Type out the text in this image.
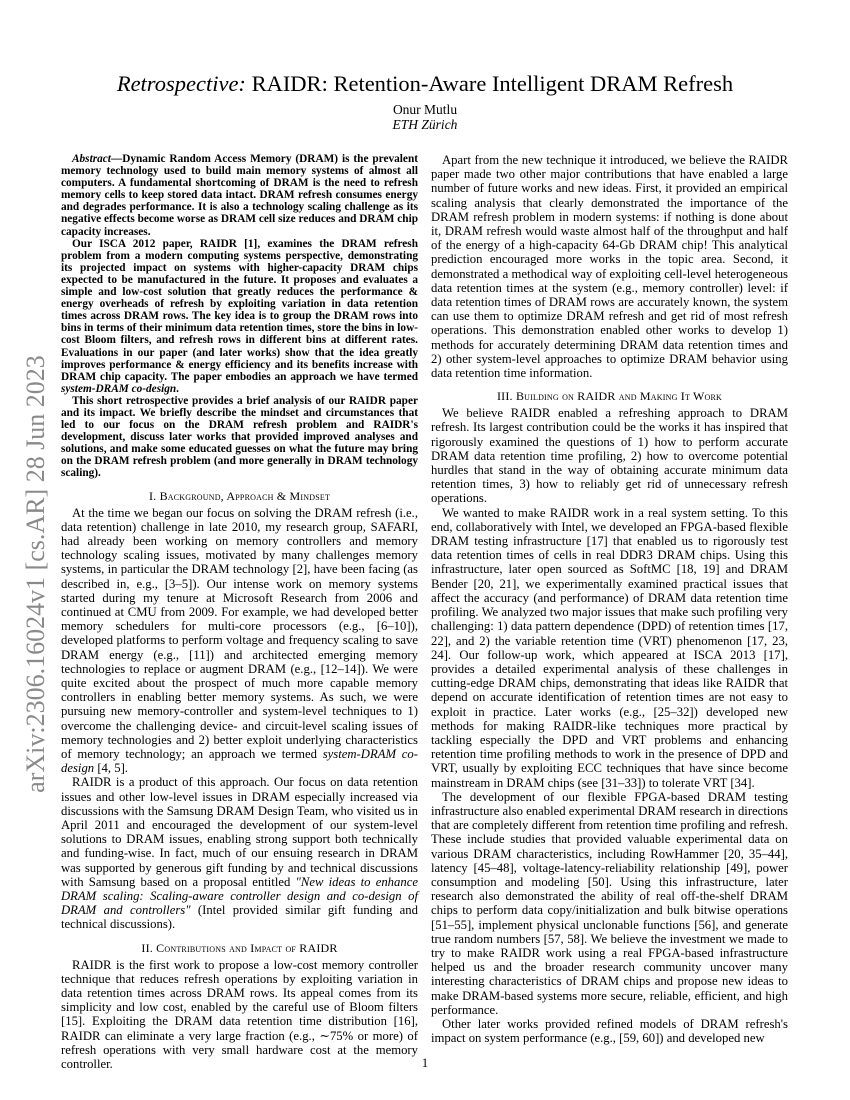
arXiv:2306.16024v1 [cs.AR] 28 Jun 2023
Retrospective: RAIDR: Retention-Aware Intelligent DRAM Refresh
Onur Mutlu
ETH Zürich

Abstract—Dynamic Random Access Memory (DRAM) is the prevalent memory technology used to build main memory systems of almost all computers. A fundamental shortcoming of DRAM is the need to refresh memory cells to keep stored data intact. DRAM refresh consumes energy and degrades performance. It is also a technology scaling challenge as its negative effects become worse as DRAM cell size reduces and DRAM chip capacity increases.

Our ISCA 2012 paper, RAIDR [1], examines the DRAM refresh problem from a modern computing systems perspective, demonstrating its projected impact on systems with higher-capacity DRAM chips expected to be manufactured in the future. It proposes and evaluates a simple and low-cost solution that greatly reduces the performance & energy overheads of refresh by exploiting variation in data retention times across DRAM rows. The key idea is to group the DRAM rows into bins in terms of their minimum data retention times, store the bins in low-cost Bloom filters, and refresh rows in different bins at different rates. Evaluations in our paper (and later works) show that the idea greatly improves performance & energy efficiency and its benefits increase with DRAM chip capacity. The paper embodies an approach we have termed system-DRAM co-design.

This short retrospective provides a brief analysis of our RAIDR paper and its impact. We briefly describe the mindset and circumstances that led to our focus on the DRAM refresh problem and RAIDR's development, discuss later works that provided improved analyses and solutions, and make some educated guesses on what the future may bring on the DRAM refresh problem (and more generally in DRAM technology scaling).

I. Background, Approach & Mindset

At the time we began our focus on solving the DRAM refresh (i.e., data retention) challenge in late 2010, my research group, SAFARI, had already been working on memory controllers and memory technology scaling issues, motivated by many challenges memory systems, in particular the DRAM technology [2], have been facing (as described in, e.g., [3–5]). Our intense work on memory systems started during my tenure at Microsoft Research from 2006 and continued at CMU from 2009. For example, we had developed better memory schedulers for multi-core processors (e.g., [6–10]), developed platforms to perform voltage and frequency scaling to save DRAM energy (e.g., [11]) and architected emerging memory technologies to replace or augment DRAM (e.g., [12–14]). We were quite excited about the prospect of much more capable memory controllers in enabling better memory systems. As such, we were pursuing new memory-controller and system-level techniques to 1) overcome the challenging device- and circuit-level scaling issues of memory technologies and 2) better exploit underlying characteristics of memory technology; an approach we termed system-DRAM co-design [4, 5].

RAIDR is a product of this approach. Our focus on data retention issues and other low-level issues in DRAM especially increased via discussions with the Samsung DRAM Design Team, who visited us in April 2011 and encouraged the development of our system-level solutions to DRAM issues, enabling strong support both technically and funding-wise. In fact, much of our ensuing research in DRAM was supported by generous gift funding by and technical discussions with Samsung based on a proposal entitled "New ideas to enhance DRAM scaling: Scaling-aware controller design and co-design of DRAM and controllers" (Intel provided similar gift funding and technical discussions).

II. Contributions and Impact of RAIDR

RAIDR is the first work to propose a low-cost memory controller technique that reduces refresh operations by exploiting variation in data retention times across DRAM rows. Its appeal comes from its simplicity and low cost, enabled by the careful use of Bloom filters [15]. Exploiting the DRAM data retention time distribution [16], RAIDR can eliminate a very large fraction (e.g., ∼75% or more) of refresh operations with very small hardware cost at the memory controller.

Apart from the new technique it introduced, we believe the RAIDR paper made two other major contributions that have enabled a large number of future works and new ideas. First, it provided an empirical scaling analysis that clearly demonstrated the importance of the DRAM refresh problem in modern systems: if nothing is done about it, DRAM refresh would waste almost half of the throughput and half of the energy of a high-capacity 64-Gb DRAM chip! This analytical prediction encouraged more works in the topic area. Second, it demonstrated a methodical way of exploiting cell-level heterogeneous data retention times at the system (e.g., memory controller) level: if data retention times of DRAM rows are accurately known, the system can use them to optimize DRAM refresh and get rid of most refresh operations. This demonstration enabled other works to develop 1) methods for accurately determining DRAM data retention times and 2) other system-level approaches to optimize DRAM behavior using data retention time information.

III. Building on RAIDR and Making It Work

We believe RAIDR enabled a refreshing approach to DRAM refresh. Its largest contribution could be the works it has inspired that rigorously examined the questions of 1) how to perform accurate DRAM data retention time profiling, 2) how to overcome potential hurdles that stand in the way of obtaining accurate minimum data retention times, 3) how to reliably get rid of unnecessary refresh operations.

We wanted to make RAIDR work in a real system setting. To this end, collaboratively with Intel, we developed an FPGA-based flexible DRAM testing infrastructure [17] that enabled us to rigorously test data retention times of cells in real DDR3 DRAM chips. Using this infrastructure, later open sourced as SoftMC [18, 19] and DRAM Bender [20, 21], we experimentally examined practical issues that affect the accuracy (and performance) of DRAM data retention time profiling. We analyzed two major issues that make such profiling very challenging: 1) data pattern dependence (DPD) of retention times [17, 22], and 2) the variable retention time (VRT) phenomenon [17, 23, 24]. Our follow-up work, which appeared at ISCA 2013 [17], provides a detailed experimental analysis of these challenges in cutting-edge DRAM chips, demonstrating that ideas like RAIDR that depend on accurate identification of retention times are not easy to exploit in practice. Later works (e.g., [25–32]) developed new methods for making RAIDR-like techniques more practical by tackling especially the DPD and VRT problems and enhancing retention time profiling methods to work in the presence of DPD and VRT, usually by exploiting ECC techniques that have since become mainstream in DRAM chips (see [31–33]) to tolerate VRT [34].

The development of our flexible FPGA-based DRAM testing infrastructure also enabled experimental DRAM research in directions that are completely different from retention time profiling and refresh. These include studies that provided valuable experimental data on various DRAM characteristics, including RowHammer [20, 35–44], latency [45–48], voltage-latency-reliability relationship [49], power consumption and modeling [50]. Using this infrastructure, later research also demonstrated the ability of real off-the-shelf DRAM chips to perform data copy/initialization and bulk bitwise operations [51–55], implement physical unclonable functions [56], and generate true random numbers [57, 58]. We believe the investment we made to try to make RAIDR work using a real FPGA-based infrastructure helped us and the broader research community uncover many interesting characteristics of DRAM chips and propose new ideas to make DRAM-based systems more secure, reliable, efficient, and high performance.

Other later works provided refined models of DRAM refresh's impact on system performance (e.g., [59, 60]) and developed new

1
